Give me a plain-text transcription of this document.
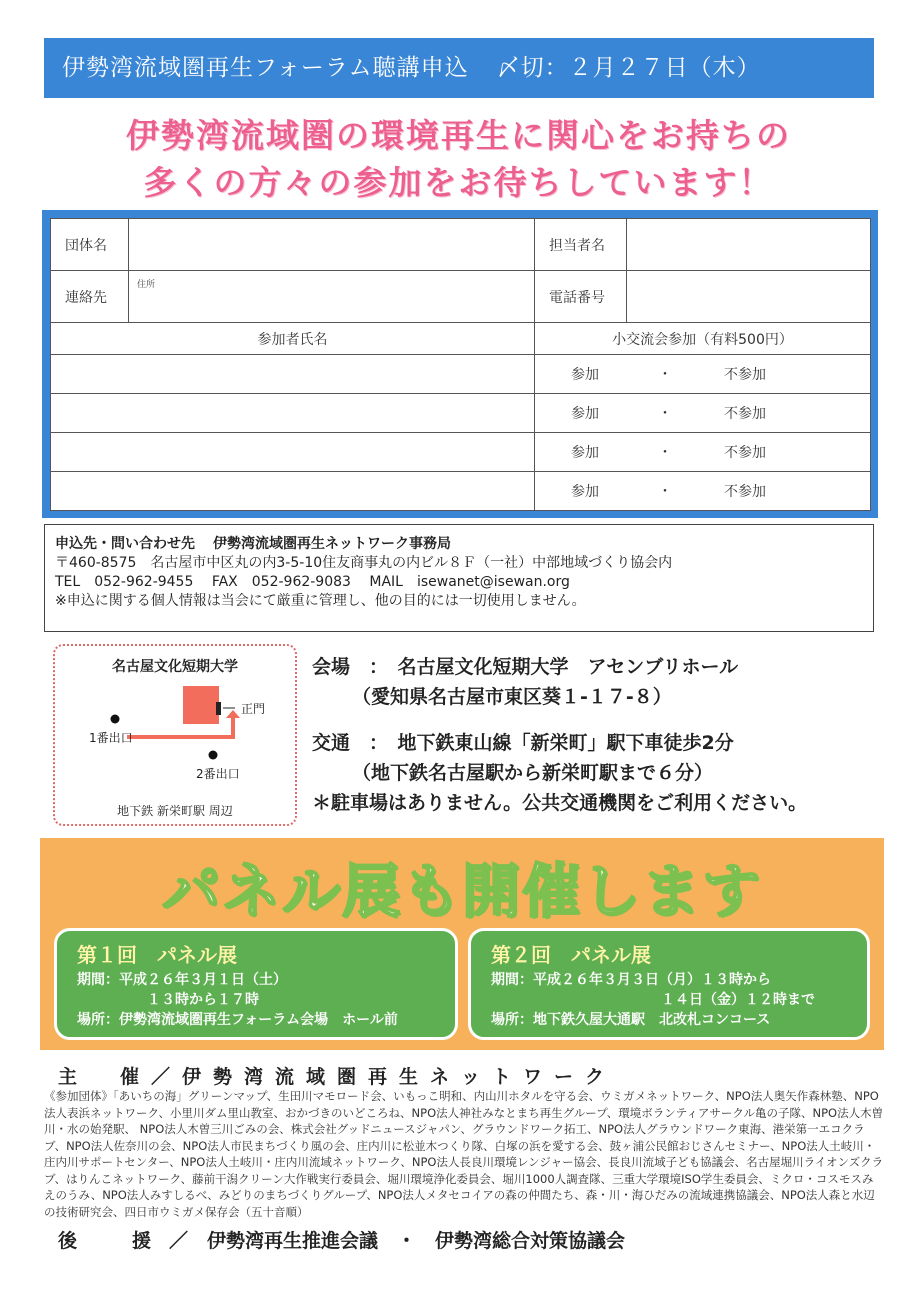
伊勢湾流域圏再生フォーラム聴講申込 〆切：２月２７日（木）
伊勢湾流域圏の環境再生に関心をお持ちの
多くの方々の参加をお待ちしています！
団体名		担当者名	
連絡先	住所	電話番号	
参加者氏名		小交流会参加（有料500円）	
		参加 ・ 不参加	
		参加 ・ 不参加	
		参加 ・ 不参加	
		参加 ・ 不参加	
申込先・問い合わせ先 伊勢湾流域圏再生ネットワーク事務局
〒460-8575　名古屋市中区丸の内3-5-10住友商事丸の内ビル８Ｆ（一社）中部地域づくり協会内
TEL　052-962-9455　 FAX　052-962-9083　 MAIL　isewanet@isewan.org
※申込に関する個人情報は当会にて厳重に管理し、他の目的には一切使用しません。
名古屋文化短期大学
正門
1番出口
2番出口
地下鉄 新栄町駅 周辺
会場　：　名古屋文化短期大学　アセンブリホール
（愛知県名古屋市東区葵１-１７-８）
交通　：　地下鉄東山線「新栄町」駅下車徒歩2分
（地下鉄名古屋駅から新栄町駅まで６分）
＊駐車場はありません。公共交通機関をご利用ください。
パネル展も開催します
第１回　パネル展
期間：平成２６年３月１日（土）
１３時から１７時
場所：伊勢湾流域圏再生フォーラム会場　ホール前
第２回　パネル展
期間：平成２６年３月３日（月）１３時から
１４日（金）１２時まで
場所：地下鉄久屋大通駅　北改札コンコース
主　催／伊勢湾流域圏再生ネットワーク
《参加団体》「あいちの海」グリーンマップ、生田川マモロード会、いもっこ明和、内山川ホタルを守る会、ウミガメネットワーク、NPO法人奥矢作森林塾、NPO法人表浜ネットワーク、小里川ダム里山教室、おかづきのいどころね、NPO法人神社みなとまち再生グループ、環境ボランティアサークル亀の子隊、NPO法人木曽川・水の始発駅、 NPO法人木曽三川ごみの会、株式会社グッドニュースジャパン、グラウンドワーク拓工、NPO法人グラウンドワーク東海、港栄第一エコクラブ、NPO法人佐奈川の会、NPO法人市民まちづくり風の会、庄内川に松並木つくり隊、白塚の浜を愛する会、鼓ヶ浦公民館おじさんセミナー、NPO法人土岐川・庄内川サポートセンター、NPO法人土岐川・庄内川流域ネットワーク、NPO法人長良川環境レンジャー協会、長良川流域子ども協議会、名古屋堀川ライオンズクラブ、はりんこネットワーク、藤前干潟クリーン大作戦実行委員会、堀川環境浄化委員会、堀川1000人調査隊、三重大学環境ISO学生委員会、ミクロ・コスモスみえのうみ、NPO法人みすしるべ、みどりのまちづくりグループ、NPO法人メタセコイアの森の仲間たち、森・川・海ひだみの流域連携協議会、NPO法人森と水辺の技術研究会、四日市ウミガメ保存会（五十音順）
後　援／　伊勢湾再生推進会議　・　伊勢湾総合対策協議会
